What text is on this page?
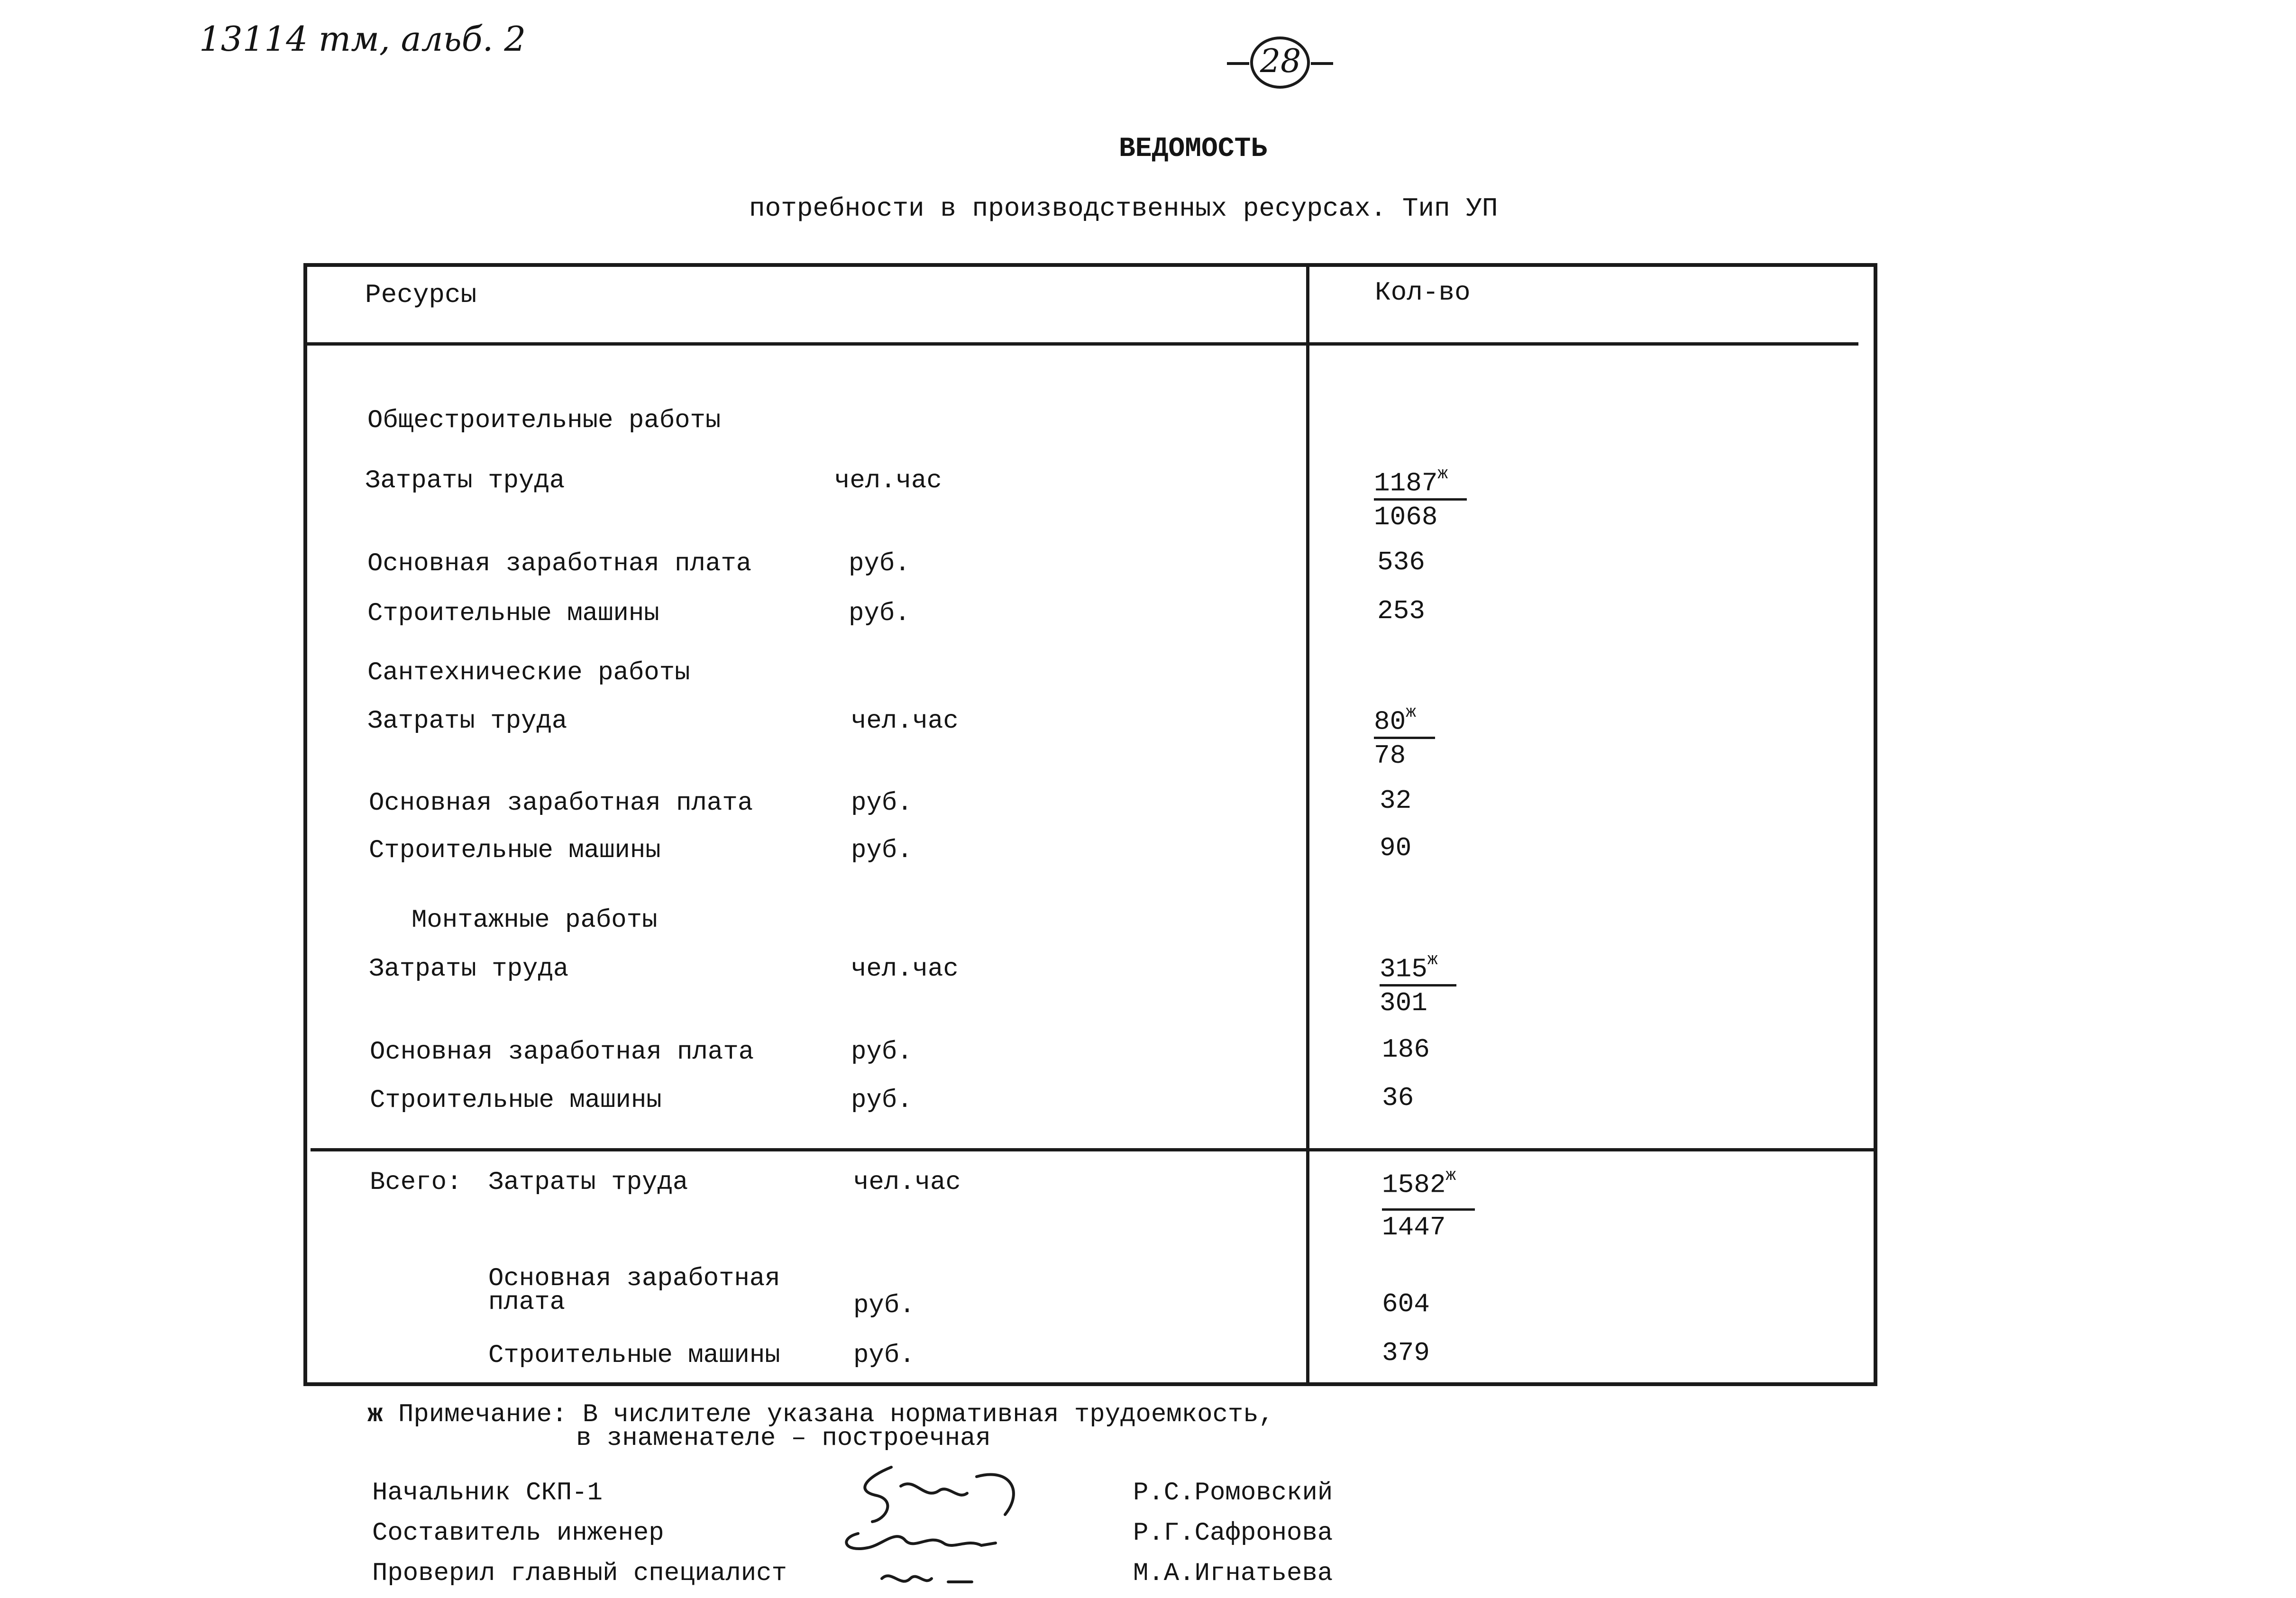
13114 тм, альб. 2
28
ВЕДОМОСТЬ
потребности в производственных ресурсах. Тип УП
Ресурсы	Кол-во
Общестроительные работы
Затраты труда	чел.час	$1187^ж$
1068
Основная заработная плата	руб.	536
Строительные машины	руб.	253
Сантехнические работы
Затраты труда	чел.час	$80^ж$
78
Основная заработная плата	руб.	32
Строительные машины	руб.	90
Монтажные работы
Затраты труда	чел.час	$315^ж$
301
Основная заработная плата	руб.	186
Строительные машины	руб.	36
Всего: Затраты труда	чел.час	$1582^ж$
1447
Основная заработная
плата	руб.	604
Строительные машины	руб.	379
ж Примечание: В числителе указана нормативная трудоемкость,
в знаменателе – построечная
Начальник СКП-1
Составитель инженер
Проверил главный специалист
Р.С.Ромовский
Р.Г.Сафронова
М.А.Игнатьева
